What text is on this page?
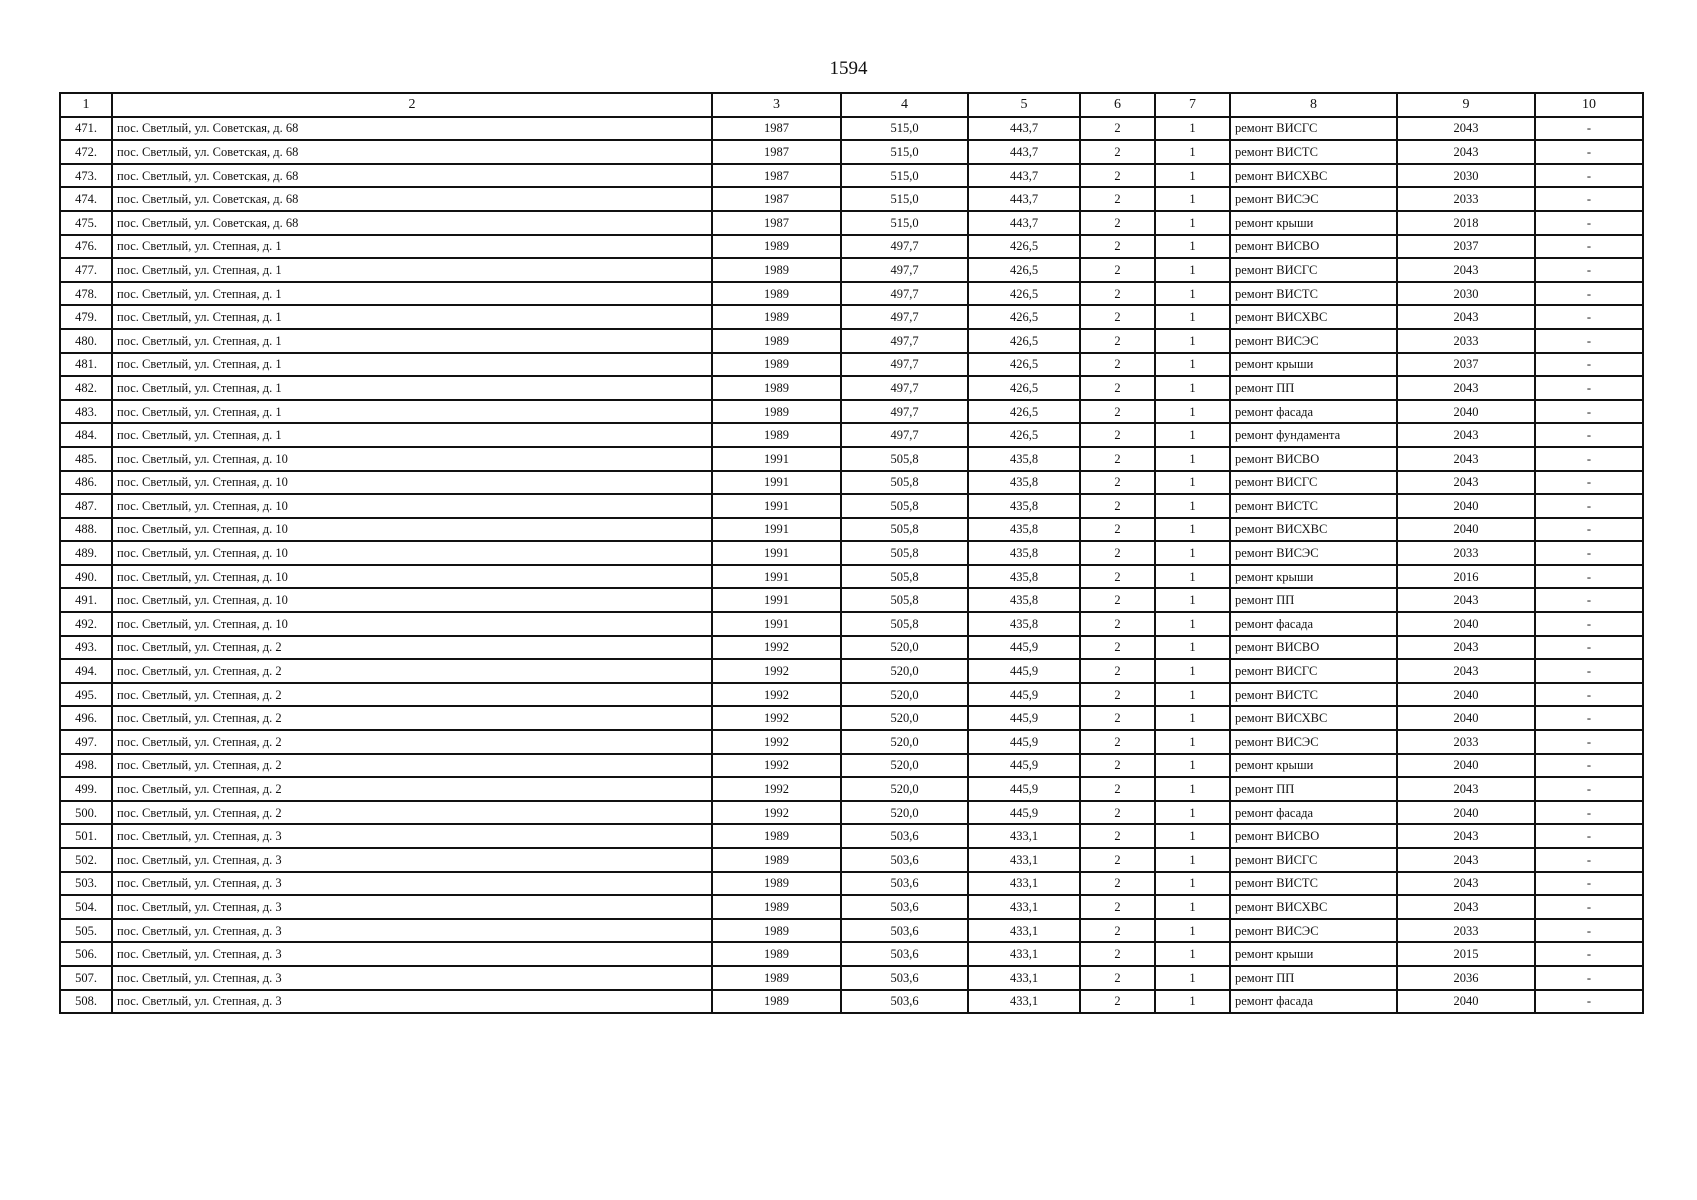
1594
1	2	3	4	5	6	7	8	9	10
471.	пос. Светлый, ул. Советская, д. 68	1987	515,0	443,7	2	1	ремонт ВИСГС	2043	-
472.	пос. Светлый, ул. Советская, д. 68	1987	515,0	443,7	2	1	ремонт ВИСТС	2043	-
473.	пос. Светлый, ул. Советская, д. 68	1987	515,0	443,7	2	1	ремонт ВИСХВС	2030	-
474.	пос. Светлый, ул. Советская, д. 68	1987	515,0	443,7	2	1	ремонт ВИСЭС	2033	-
475.	пос. Светлый, ул. Советская, д. 68	1987	515,0	443,7	2	1	ремонт крыши	2018	-
476.	пос. Светлый, ул. Степная, д. 1	1989	497,7	426,5	2	1	ремонт ВИСВО	2037	-
477.	пос. Светлый, ул. Степная, д. 1	1989	497,7	426,5	2	1	ремонт ВИСГС	2043	-
478.	пос. Светлый, ул. Степная, д. 1	1989	497,7	426,5	2	1	ремонт ВИСТС	2030	-
479.	пос. Светлый, ул. Степная, д. 1	1989	497,7	426,5	2	1	ремонт ВИСХВС	2043	-
480.	пос. Светлый, ул. Степная, д. 1	1989	497,7	426,5	2	1	ремонт ВИСЭС	2033	-
481.	пос. Светлый, ул. Степная, д. 1	1989	497,7	426,5	2	1	ремонт крыши	2037	-
482.	пос. Светлый, ул. Степная, д. 1	1989	497,7	426,5	2	1	ремонт ПП	2043	-
483.	пос. Светлый, ул. Степная, д. 1	1989	497,7	426,5	2	1	ремонт фасада	2040	-
484.	пос. Светлый, ул. Степная, д. 1	1989	497,7	426,5	2	1	ремонт фундамента	2043	-
485.	пос. Светлый, ул. Степная, д. 10	1991	505,8	435,8	2	1	ремонт ВИСВО	2043	-
486.	пос. Светлый, ул. Степная, д. 10	1991	505,8	435,8	2	1	ремонт ВИСГС	2043	-
487.	пос. Светлый, ул. Степная, д. 10	1991	505,8	435,8	2	1	ремонт ВИСТС	2040	-
488.	пос. Светлый, ул. Степная, д. 10	1991	505,8	435,8	2	1	ремонт ВИСХВС	2040	-
489.	пос. Светлый, ул. Степная, д. 10	1991	505,8	435,8	2	1	ремонт ВИСЭС	2033	-
490.	пос. Светлый, ул. Степная, д. 10	1991	505,8	435,8	2	1	ремонт крыши	2016	-
491.	пос. Светлый, ул. Степная, д. 10	1991	505,8	435,8	2	1	ремонт ПП	2043	-
492.	пос. Светлый, ул. Степная, д. 10	1991	505,8	435,8	2	1	ремонт фасада	2040	-
493.	пос. Светлый, ул. Степная, д. 2	1992	520,0	445,9	2	1	ремонт ВИСВО	2043	-
494.	пос. Светлый, ул. Степная, д. 2	1992	520,0	445,9	2	1	ремонт ВИСГС	2043	-
495.	пос. Светлый, ул. Степная, д. 2	1992	520,0	445,9	2	1	ремонт ВИСТС	2040	-
496.	пос. Светлый, ул. Степная, д. 2	1992	520,0	445,9	2	1	ремонт ВИСХВС	2040	-
497.	пос. Светлый, ул. Степная, д. 2	1992	520,0	445,9	2	1	ремонт ВИСЭС	2033	-
498.	пос. Светлый, ул. Степная, д. 2	1992	520,0	445,9	2	1	ремонт крыши	2040	-
499.	пос. Светлый, ул. Степная, д. 2	1992	520,0	445,9	2	1	ремонт ПП	2043	-
500.	пос. Светлый, ул. Степная, д. 2	1992	520,0	445,9	2	1	ремонт фасада	2040	-
501.	пос. Светлый, ул. Степная, д. 3	1989	503,6	433,1	2	1	ремонт ВИСВО	2043	-
502.	пос. Светлый, ул. Степная, д. 3	1989	503,6	433,1	2	1	ремонт ВИСГС	2043	-
503.	пос. Светлый, ул. Степная, д. 3	1989	503,6	433,1	2	1	ремонт ВИСТС	2043	-
504.	пос. Светлый, ул. Степная, д. 3	1989	503,6	433,1	2	1	ремонт ВИСХВС	2043	-
505.	пос. Светлый, ул. Степная, д. 3	1989	503,6	433,1	2	1	ремонт ВИСЭС	2033	-
506.	пос. Светлый, ул. Степная, д. 3	1989	503,6	433,1	2	1	ремонт крыши	2015	-
507.	пос. Светлый, ул. Степная, д. 3	1989	503,6	433,1	2	1	ремонт ПП	2036	-
508.	пос. Светлый, ул. Степная, д. 3	1989	503,6	433,1	2	1	ремонт фасада	2040	-
